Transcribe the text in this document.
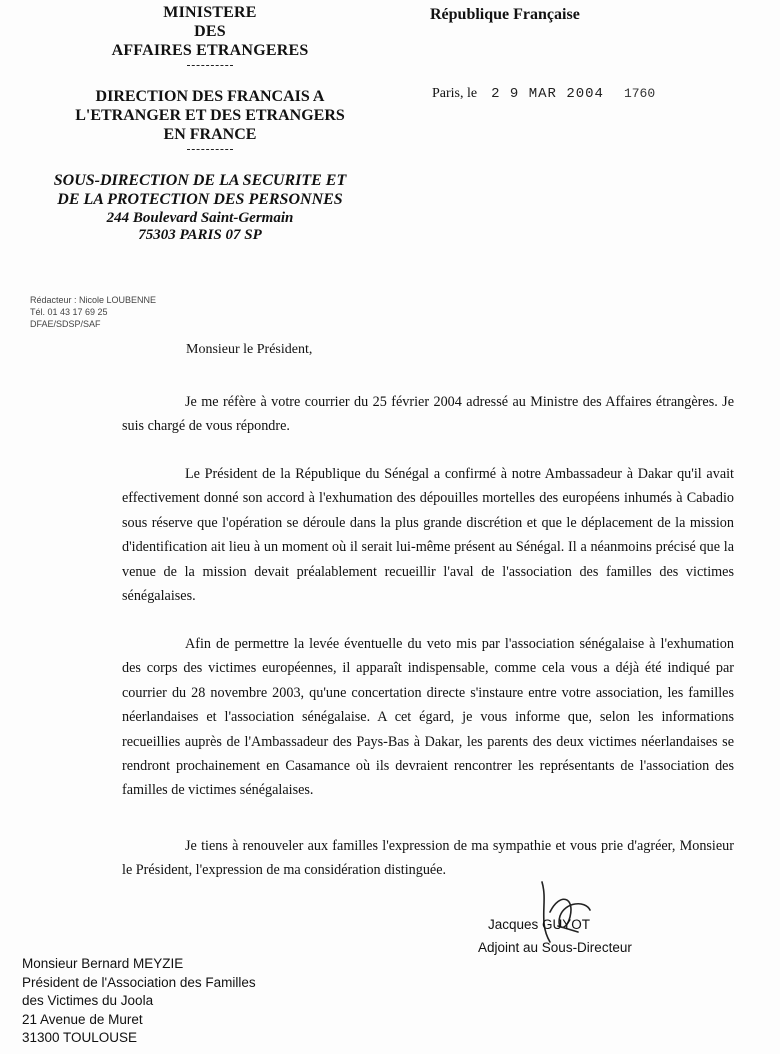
MINISTERE
DES
AFFAIRES ETRANGERES
DIRECTION DES FRANCAIS A
L'ETRANGER ET DES ETRANGERS
EN FRANCE
SOUS-DIRECTION DE LA SECURITE ET
DE LA PROTECTION DES PERSONNES
244 Boulevard Saint-Germain
75303 PARIS 07 SP
République Française
Paris, le 2 9 MAR 2004 1760
Rédacteur : Nicole LOUBENNE
Tél. 01 43 17 69 25
DFAE/SDSP/SAF
Monsieur le Président,

Je me réfère à votre courrier du 25 février 2004 adressé au Ministre des Affaires étrangères. Je suis chargé de vous répondre.

Le Président de la République du Sénégal a confirmé à notre Ambassadeur à Dakar qu'il avait effectivement donné son accord à l'exhumation des dépouilles mortelles des européens inhumés à Cabadio sous réserve que l'opération se déroule dans la plus grande discrétion et que le déplacement de la mission d'identification ait lieu à un moment où il serait lui-même présent au Sénégal. Il a néanmoins précisé que la venue de la mission devait préalablement recueillir l'aval de l'association des familles des victimes sénégalaises.

Afin de permettre la levée éventuelle du veto mis par l'association sénégalaise à l'exhumation des corps des victimes européennes, il apparaît indispensable, comme cela vous a déjà été indiqué par courrier du 28 novembre 2003, qu'une concertation directe s'instaure entre votre association, les familles néerlandaises et l'association sénégalaise. A cet égard, je vous informe que, selon les informations recueillies auprès de l'Ambassadeur des Pays-Bas à Dakar, les parents des deux victimes néerlandaises se rendront prochainement en Casamance où ils devraient rencontrer les représentants de l'association des familles de victimes sénégalaises.

Je tiens à renouveler aux familles l'expression de ma sympathie et vous prie d'agréer, Monsieur le Président, l'expression de ma considération distinguée.

Jacques GUYOT
Adjoint au Sous-Directeur
Monsieur Bernard MEYZIE
Président de l'Association des Familles
des Victimes du Joola
21 Avenue de Muret
31300 TOULOUSE
